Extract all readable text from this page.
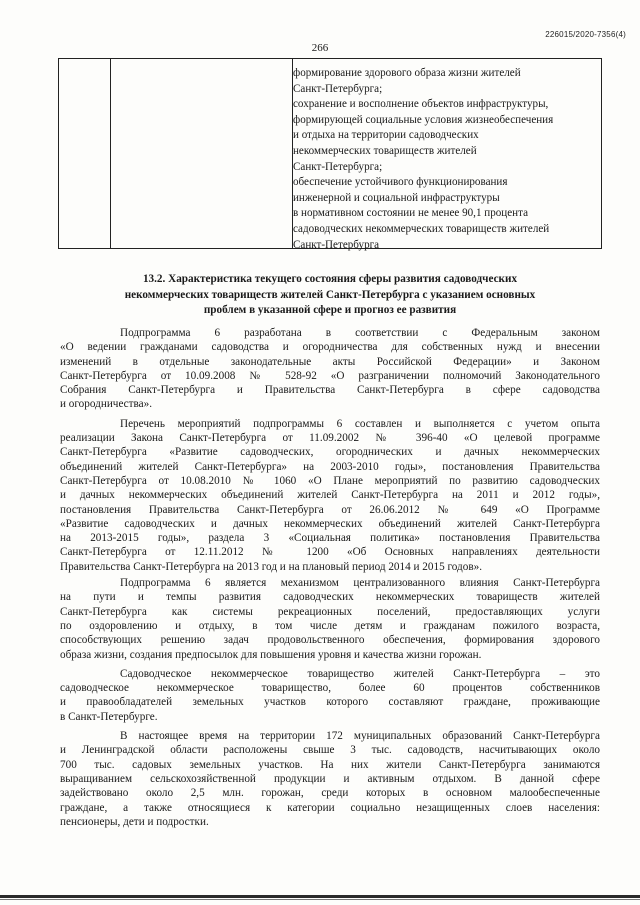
226015/2020-7356(4)
266
формирование здорового образа жизни жителей
Санкт-Петербурга;
сохранение и восполнение объектов инфраструктуры,
формирующей социальные условия жизнеобеспечения
и отдыха на территории садоводческих
некоммерческих товариществ жителей
Санкт-Петербурга;
обеспечение устойчивого функционирования
инженерной и социальной инфраструктуры
в нормативном состоянии не менее 90,1 процента
садоводческих некоммерческих товариществ жителей
Санкт-Петербурга
13.2. Характеристика текущего состояния сферы развития садоводческих
некоммерческих товариществ жителей Санкт-Петербурга с указанием основных
проблем в указанной сфере и прогноз ее развития
Подпрограмма 6 разработана в соответствии с Федеральным законом
«О ведении гражданами садоводства и огородничества для собственных нужд и внесении
изменений в отдельные законодательные акты Российской Федерации» и Законом
Санкт-Петербурга от 10.09.2008 № 528-92 «О разграничении полномочий Законодательного
Собрания Санкт-Петербурга и Правительства Санкт-Петербурга в сфере садоводства
и огородничества».
Перечень мероприятий подпрограммы 6 составлен и выполняется с учетом опыта
реализации Закона Санкт-Петербурга от 11.09.2002 № 396-40 «О целевой программе
Санкт-Петербурга «Развитие садоводческих, огороднических и дачных некоммерческих
объединений жителей Санкт-Петербурга» на 2003-2010 годы», постановления Правительства
Санкт-Петербурга от 10.08.2010 № 1060 «О Плане мероприятий по развитию садоводческих
и дачных некоммерческих объединений жителей Санкт-Петербурга на 2011 и 2012 годы»,
постановления Правительства Санкт-Петербурга от 26.06.2012 № 649 «О Программе
«Развитие садоводческих и дачных некоммерческих объединений жителей Санкт-Петербурга
на 2013-2015 годы», раздела 3 «Социальная политика» постановления Правительства
Санкт-Петербурга от 12.11.2012 № 1200 «Об Основных направлениях деятельности
Правительства Санкт-Петербурга на 2013 год и на плановый период 2014 и 2015 годов».
Подпрограмма 6 является механизмом централизованного влияния Санкт-Петербурга
на пути и темпы развития садоводческих некоммерческих товариществ жителей
Санкт-Петербурга как системы рекреационных поселений, предоставляющих услуги
по оздоровлению и отдыху, в том числе детям и гражданам пожилого возраста,
способствующих решению задач продовольственного обеспечения, формирования здорового
образа жизни, создания предпосылок для повышения уровня и качества жизни горожан.
Садоводческое некоммерческое товарищество жителей Санкт-Петербурга – это
садоводческое некоммерческое товарищество, более 60 процентов собственников
и правообладателей земельных участков которого составляют граждане, проживающие
в Санкт-Петербурге.
В настоящее время на территории 172 муниципальных образований Санкт-Петербурга
и Ленинградской области расположены свыше 3 тыс. садоводств, насчитывающих около
700 тыс. садовых земельных участков. На них жители Санкт-Петербурга занимаются
выращиванием сельскохозяйственной продукции и активным отдыхом. В данной сфере
задействовано около 2,5 млн. горожан, среди которых в основном малообеспеченные
граждане, а также относящиеся к категории социально незащищенных слоев населения:
пенсионеры, дети и подростки.
